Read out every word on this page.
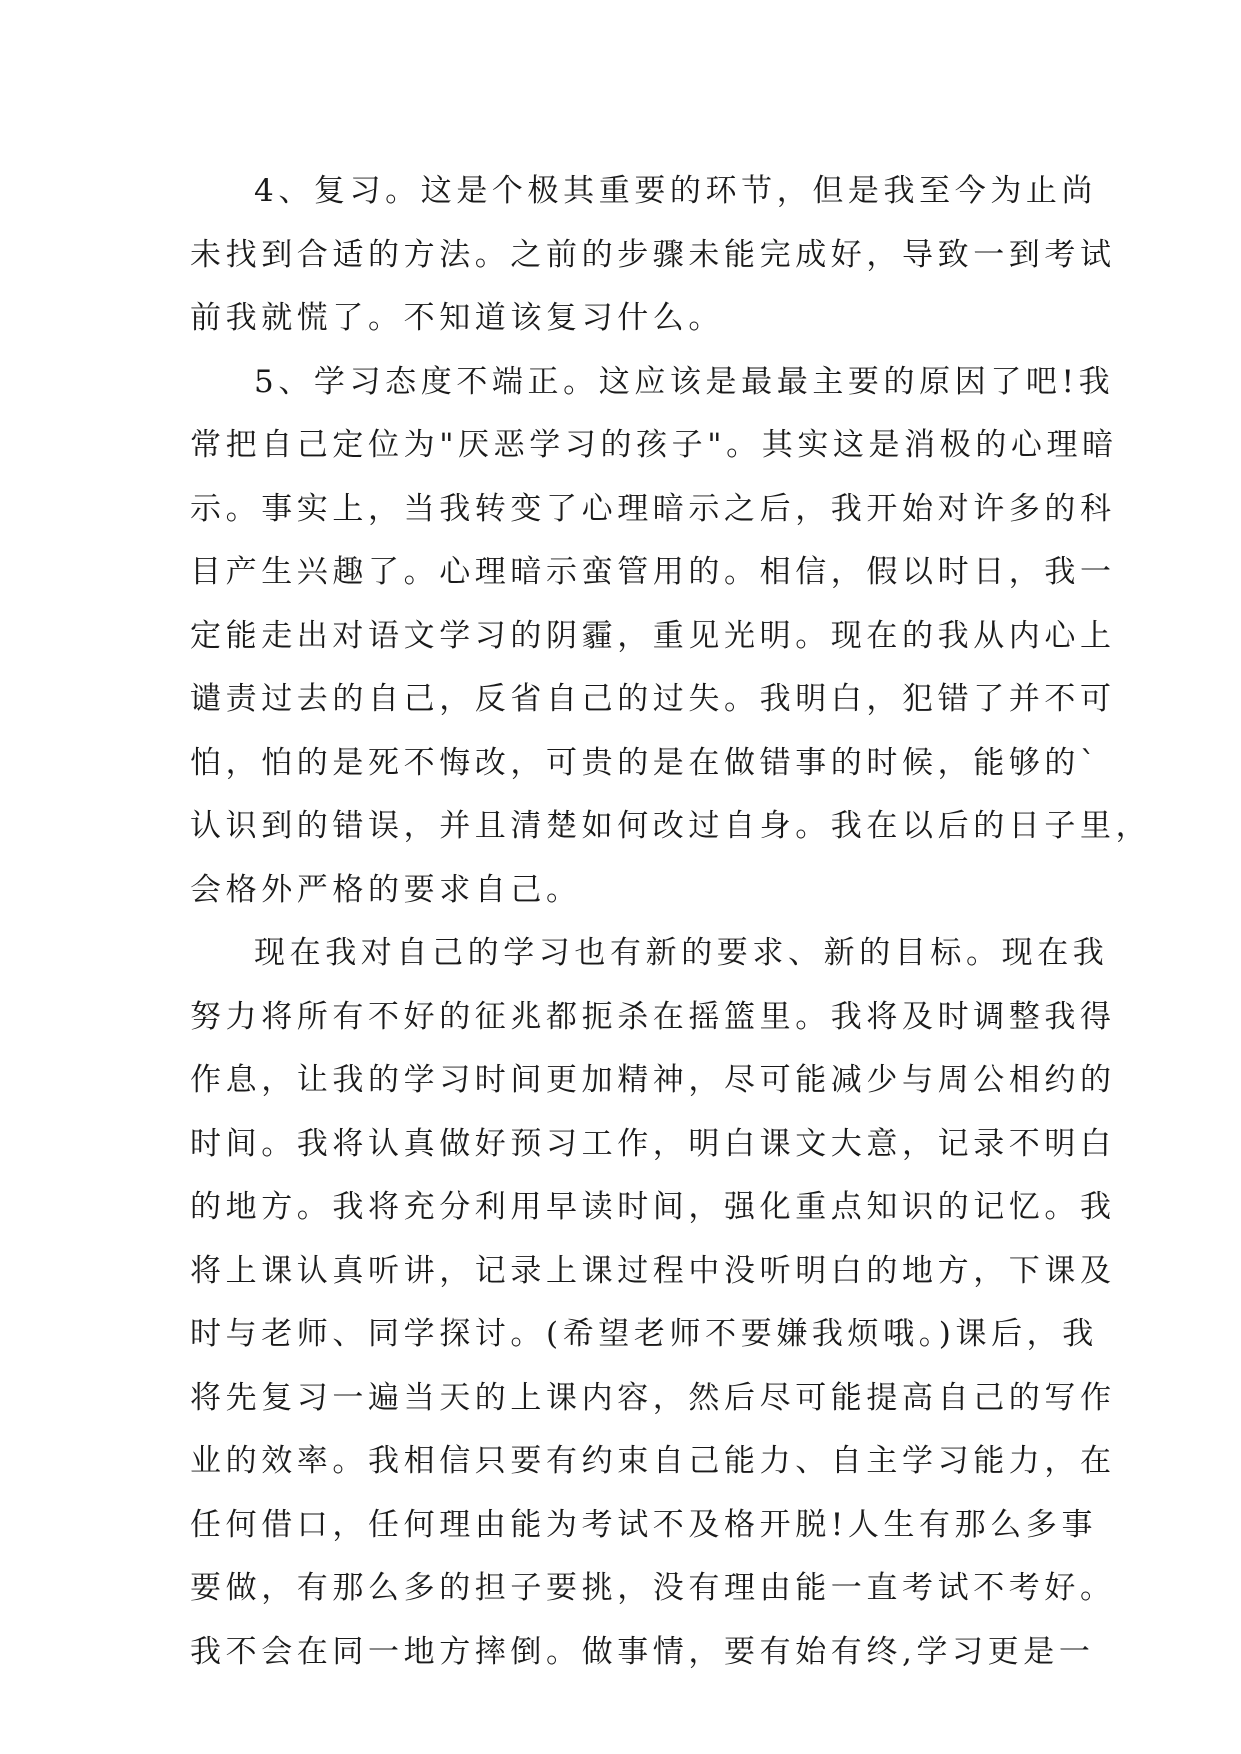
4、复习。这是个极其重要的环节，但是我至今为止尚
未找到合适的方法。之前的步骤未能完成好，导致一到考试
前我就慌了。不知道该复习什么。
5、学习态度不端正。这应该是最最主要的原因了吧!我
常把自己定位为"厌恶学习的孩子"。其实这是消极的心理暗
示。事实上，当我转变了心理暗示之后，我开始对许多的科
目产生兴趣了。心理暗示蛮管用的。相信，假以时日，我一
定能走出对语文学习的阴霾，重见光明。现在的我从内心上
谴责过去的自己，反省自己的过失。我明白，犯错了并不可
怕，怕的是死不悔改，可贵的是在做错事的时候，能够的`
认识到的错误，并且清楚如何改过自身。我在以后的日子里，
会格外严格的要求自己。
现在我对自己的学习也有新的要求、新的目标。现在我
努力将所有不好的征兆都扼杀在摇篮里。我将及时调整我得
作息，让我的学习时间更加精神，尽可能减少与周公相约的
时间。我将认真做好预习工作，明白课文大意，记录不明白
的地方。我将充分利用早读时间，强化重点知识的记忆。我
将上课认真听讲，记录上课过程中没听明白的地方，下课及
时与老师、同学探讨。(希望老师不要嫌我烦哦。)课后，我
将先复习一遍当天的上课内容，然后尽可能提高自己的写作
业的效率。我相信只要有约束自己能力、自主学习能力，在
任何借口，任何理由能为考试不及格开脱!人生有那么多事
要做，有那么多的担子要挑，没有理由能一直考试不考好。
我不会在同一地方摔倒。做事情，要有始有终,学习更是一
